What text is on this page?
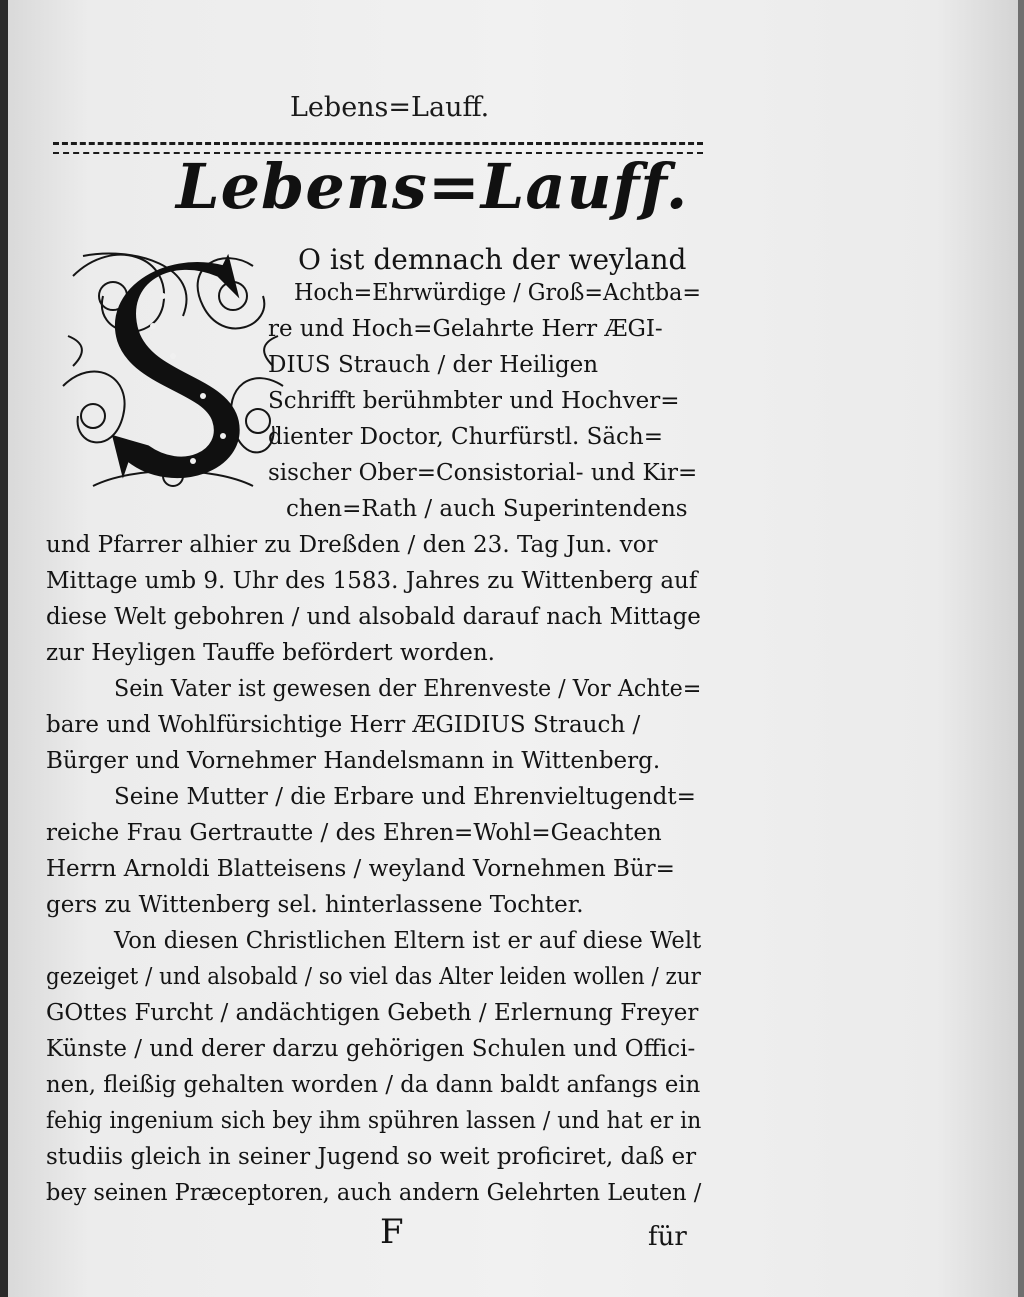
Lebens=Lauff.
Lebens=Lauff.
S
O ist demnach der weyland
Hoch=Ehrwürdige / Groß=Achtba=
re und Hoch=Gelahrte Herr ÆGI-
DIUS Strauch / der Heiligen
Schrifft berühmbter und Hochver=
dienter Doctor, Churfürstl. Säch=
sischer Ober=Consistorial- und Kir=
chen=Rath / auch Superintendens
und Pfarrer alhier zu Dreßden / den 23. Tag Jun. vor
Mittage umb 9. Uhr des 1583. Jahres zu Wittenberg auf
diese Welt gebohren / und alsobald darauf nach Mittage
zur Heyligen Tauffe befördert worden.
Sein Vater ist gewesen der Ehrenveste / Vor Achtе=
bare und Wohlfürsichtige Herr ÆGIDIUS Strauch /
Bürger und Vornehmer Handelsmann in Wittenberg.
Seine Mutter / die Erbare und Ehrenvieltugendt=
reiche Frau Gertrautte / des Ehren=Wohl=Geachten
Herrn Arnoldi Blatteisens / weyland Vornehmen Bür=
gers zu Wittenberg sel. hinterlassene Tochter.
Von diesen Christlichen Eltern ist er auf diese Welt
gezeiget / und alsobald / so viel das Alter leiden wollen / zur
GOttes Furcht / andächtigen Gebeth / Erlernung Freyer
Künste / und derer darzu gehörigen Schulen und Offici-
nen, fleißig gehalten worden / da dann baldt anfangs ein
fehig ingenium sich bey ihm spühren lassen / und hat er in
studiis gleich in seiner Jugend so weit proficiret, daß er
bey seinen Præceptoren, auch andern Gelehrten Leuten /
F	für
